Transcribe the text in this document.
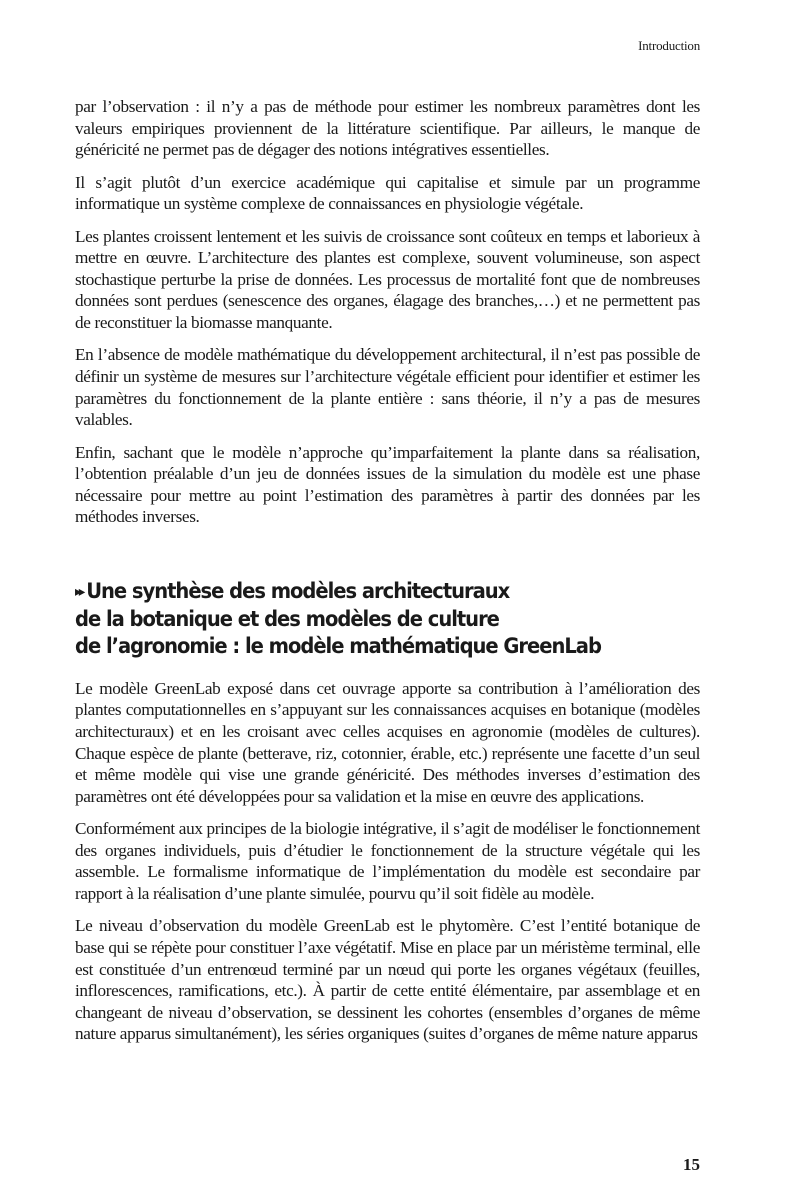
Introduction

par l’observation : il n’y a pas de méthode pour estimer les nombreux paramètres dont les valeurs empiriques proviennent de la littérature scientifique. Par ailleurs, le manque de généricité ne permet pas de dégager des notions intégratives essentielles.

Il s’agit plutôt d’un exercice académique qui capitalise et simule par un programme informatique un système complexe de connaissances en physiologie végétale.

Les plantes croissent lentement et les suivis de croissance sont coûteux en temps et laborieux à mettre en œuvre. L’architecture des plantes est complexe, souvent volumineuse, son aspect stochastique perturbe la prise de données. Les processus de mortalité font que de nombreuses données sont perdues (senescence des organes, élagage des branches,…) et ne permettent pas de reconstituer la biomasse manquante.

En l’absence de modèle mathématique du développement architectural, il n’est pas possible de définir un système de mesures sur l’architecture végétale efficient pour identifier et estimer les paramètres du fonctionnement de la plante entière : sans théorie, il n’y a pas de mesures valables.

Enfin, sachant que le modèle n’approche qu’imparfaitement la plante dans sa réalisation, l’obtention préalable d’un jeu de données issues de la simulation du modèle est une phase nécessaire pour mettre au point l’estimation des paramètres à partir des données par les méthodes inverses.

▸▸ Une synthèse des modèles architecturaux
de la botanique et des modèles de culture
de l’agronomie : le modèle mathématique GreenLab

Le modèle GreenLab exposé dans cet ouvrage apporte sa contribution à l’amélioration des plantes computationnelles en s’appuyant sur les connaissances acquises en botanique (modèles architecturaux) et en les croisant avec celles acquises en agronomie (modèles de cultures). Chaque espèce de plante (betterave, riz, cotonnier, érable, etc.) représente une facette d’un seul et même modèle qui vise une grande généricité. Des méthodes inverses d’estimation des paramètres ont été développées pour sa validation et la mise en œuvre des applications.

Conformément aux principes de la biologie intégrative, il s’agit de modéliser le fonctionnement des organes individuels, puis d’étudier le fonctionnement de la structure végétale qui les assemble. Le formalisme informatique de l’implémentation du modèle est secondaire par rapport à la réalisation d’une plante simulée, pourvu qu’il soit fidèle au modèle.

Le niveau d’observation du modèle GreenLab est le phytomère. C’est l’entité botanique de base qui se répète pour constituer l’axe végétatif. Mise en place par un méristème terminal, elle est constituée d’un entrenœud terminé par un nœud qui porte les organes végétaux (feuilles, inflorescences, ramifications, etc.). À partir de cette entité élémentaire, par assemblage et en changeant de niveau d’observation, se dessinent les cohortes (ensembles d’organes de même nature apparus simultanément), les séries organiques (suites d’organes de même nature apparus

15
